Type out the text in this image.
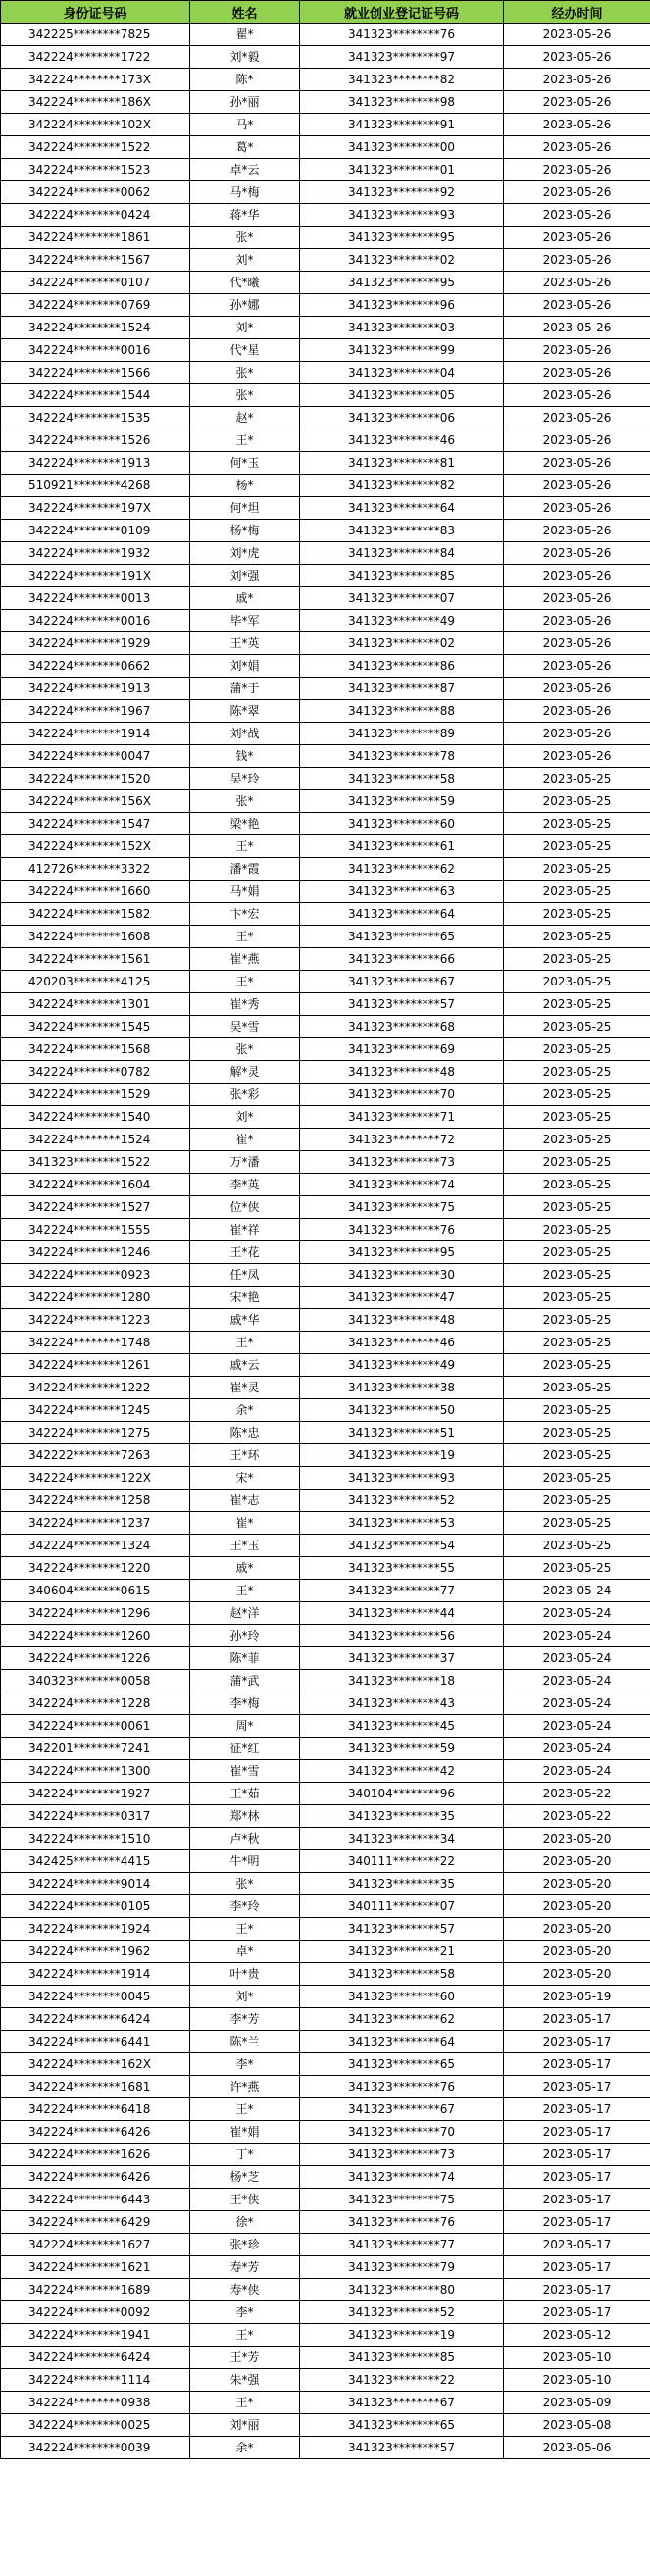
身份证号码	姓名	就业创业登记证号码	经办时间
342225********7825	翟*	341323********76	2023-05-26
342224********1722	刘*毅	341323********97	2023-05-26
342224********173X	陈*	341323********82	2023-05-26
342224********186X	孙*丽	341323********98	2023-05-26
342224********102X	马*	341323********91	2023-05-26
342224********1522	葛*	341323********00	2023-05-26
342224********1523	卓*云	341323********01	2023-05-26
342224********0062	马*梅	341323********92	2023-05-26
342224********0424	蒋*华	341323********93	2023-05-26
342224********1861	张*	341323********95	2023-05-26
342224********1567	刘*	341323********02	2023-05-26
342224********0107	代*曦	341323********95	2023-05-26
342224********0769	孙*娜	341323********96	2023-05-26
342224********1524	刘*	341323********03	2023-05-26
342224********0016	代*星	341323********99	2023-05-26
342224********1566	张*	341323********04	2023-05-26
342224********1544	张*	341323********05	2023-05-26
342224********1535	赵*	341323********06	2023-05-26
342224********1526	王*	341323********46	2023-05-26
342224********1913	何*玉	341323********81	2023-05-26
510921********4268	杨*	341323********82	2023-05-26
342224********197X	何*坦	341323********64	2023-05-26
342224********0109	杨*梅	341323********83	2023-05-26
342224********1932	刘*虎	341323********84	2023-05-26
342224********191X	刘*强	341323********85	2023-05-26
342224********0013	戚*	341323********07	2023-05-26
342224********0016	毕*军	341323********49	2023-05-26
342224********1929	王*英	341323********02	2023-05-26
342224********0662	刘*娟	341323********86	2023-05-26
342224********1913	蒲*于	341323********87	2023-05-26
342224********1967	陈*翠	341323********88	2023-05-26
342224********1914	刘*战	341323********89	2023-05-26
342224********0047	钱*	341323********78	2023-05-26
342224********1520	吴*玲	341323********58	2023-05-25
342224********156X	张*	341323********59	2023-05-25
342224********1547	梁*艳	341323********60	2023-05-25
342224********152X	王*	341323********61	2023-05-25
412726********3322	潘*霞	341323********62	2023-05-25
342224********1660	马*娟	341323********63	2023-05-25
342224********1582	卞*宏	341323********64	2023-05-25
342224********1608	王*	341323********65	2023-05-25
342224********1561	崔*燕	341323********66	2023-05-25
420203********4125	王*	341323********67	2023-05-25
342224********1301	崔*秀	341323********57	2023-05-25
342224********1545	吴*雪	341323********68	2023-05-25
342224********1568	张*	341323********69	2023-05-25
342224********0782	解*灵	341323********48	2023-05-25
342224********1529	张*彩	341323********70	2023-05-25
342224********1540	刘*	341323********71	2023-05-25
342224********1524	崔*	341323********72	2023-05-25
341323********1522	万*潘	341323********73	2023-05-25
342224********1604	李*英	341323********74	2023-05-25
342224********1527	位*侠	341323********75	2023-05-25
342224********1555	崔*祥	341323********76	2023-05-25
342224********1246	王*花	341323********95	2023-05-25
342224********0923	任*凤	341323********30	2023-05-25
342224********1280	宋*艳	341323********47	2023-05-25
342224********1223	戚*华	341323********48	2023-05-25
342224********1748	王*	341323********46	2023-05-25
342224********1261	戚*云	341323********49	2023-05-25
342224********1222	崔*灵	341323********38	2023-05-25
342224********1245	余*	341323********50	2023-05-25
342224********1275	陈*忠	341323********51	2023-05-25
342222********7263	王*环	341323********19	2023-05-25
342224********122X	宋*	341323********93	2023-05-25
342224********1258	崔*志	341323********52	2023-05-25
342224********1237	崔*	341323********53	2023-05-25
342224********1324	王*玉	341323********54	2023-05-25
342224********1220	戚*	341323********55	2023-05-25
340604********0615	王*	341323********77	2023-05-24
342224********1296	赵*洋	341323********44	2023-05-24
342224********1260	孙*玲	341323********56	2023-05-24
342224********1226	陈*菲	341323********37	2023-05-24
340323********0058	蒲*武	341323********18	2023-05-24
342224********1228	李*梅	341323********43	2023-05-24
342224********0061	周*	341323********45	2023-05-24
342201********7241	征*红	341323********59	2023-05-24
342224********1300	崔*雪	341323********42	2023-05-24
342224********1927	王*茹	340104********96	2023-05-22
342224********0317	郑*林	341323********35	2023-05-22
342224********1510	卢*秋	341323********34	2023-05-20
342425********4415	牛*明	340111********22	2023-05-20
342224********9014	张*	341323********35	2023-05-20
342224********0105	李*玲	340111********07	2023-05-20
342224********1924	王*	341323********57	2023-05-20
342224********1962	卓*	341323********21	2023-05-20
342224********1914	叶*贵	341323********58	2023-05-20
342224********0045	刘*	341323********60	2023-05-19
342224********6424	李*芳	341323********62	2023-05-17
342224********6441	陈*兰	341323********64	2023-05-17
342224********162X	李*	341323********65	2023-05-17
342224********1681	许*燕	341323********76	2023-05-17
342224********6418	王*	341323********67	2023-05-17
342224********6426	崔*娟	341323********70	2023-05-17
342224********1626	丁*	341323********73	2023-05-17
342224********6426	杨*芝	341323********74	2023-05-17
342224********6443	王*侠	341323********75	2023-05-17
342224********6429	徐*	341323********76	2023-05-17
342224********1627	张*珍	341323********77	2023-05-17
342224********1621	寿*芳	341323********79	2023-05-17
342224********1689	寿*侠	341323********80	2023-05-17
342224********0092	李*	341323********52	2023-05-17
342224********1941	王*	341323********19	2023-05-12
342224********6424	王*芳	341323********85	2023-05-10
342224********1114	朱*强	341323********22	2023-05-10
342224********0938	王*	341323********67	2023-05-09
342224********0025	刘*丽	341323********65	2023-05-08
342224********0039	余*	341323********57	2023-05-06
